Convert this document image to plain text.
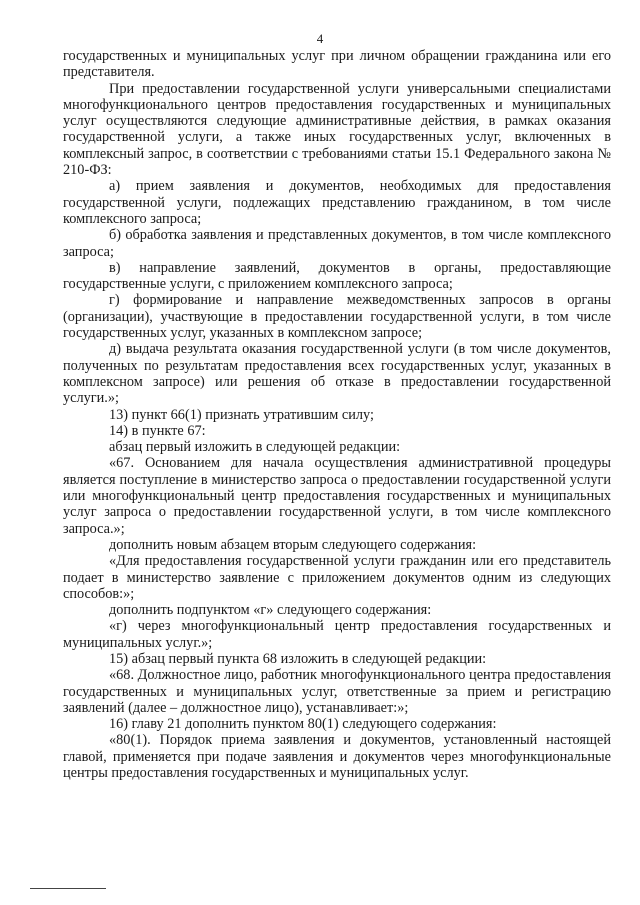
4

государственных и муниципальных услуг при личном обращении гражданина или его представителя.

При предоставлении государственной услуги универсальными специалистами многофункционального центров предоставления государственных и муниципальных услуг осуществляются следующие административные действия, в рамках оказания государственной услуги, а также иных государственных услуг, включенных в комплексный запрос, в соответствии с требованиями статьи 15.1 Федерального закона № 210-ФЗ:

а) прием заявления и документов, необходимых для предоставления государственной услуги, подлежащих представлению гражданином, в том числе комплексного запроса;

б) обработка заявления и представленных документов, в том числе комплексного запроса;

в) направление заявлений, документов в органы, предоставляющие государственные услуги, с приложением комплексного запроса;

г) формирование и направление межведомственных запросов в органы (организации), участвующие в предоставлении государственной услуги, в том числе государственных услуг, указанных в комплексном запросе;

д) выдача результата оказания государственной услуги (в том числе документов, полученных по результатам предоставления всех государственных услуг, указанных в комплексном запросе) или решения об отказе в предоставлении государственной услуги.»;

13) пункт 66(1) признать утратившим силу;

14) в пункте 67:

абзац первый изложить в следующей редакции:

«67. Основанием для начала осуществления административной процедуры является поступление в министерство запроса о предоставлении государственной услуги или многофункциональный центр предоставления государственных и муниципальных услуг запроса о предоставлении государственной услуги, в том числе комплексного запроса.»;

дополнить новым абзацем вторым следующего содержания:

«Для предоставления государственной услуги гражданин или его представитель подает в министерство заявление с приложением документов одним из следующих способов:»;

дополнить подпунктом «г» следующего содержания:

«г) через многофункциональный центр предоставления государственных и муниципальных услуг.»;

15) абзац первый пункта 68 изложить в следующей редакции:

«68. Должностное лицо, работник многофункционального центра предоставления государственных и муниципальных услуг, ответственные за прием и регистрацию заявлений (далее – должностное лицо), устанавливает:»;

16) главу 21 дополнить пунктом 80(1) следующего содержания:

«80(1). Порядок приема заявления и документов, установленный настоящей главой, применяется при подаче заявления и документов через многофункциональные центры предоставления государственных и муниципальных услуг.
